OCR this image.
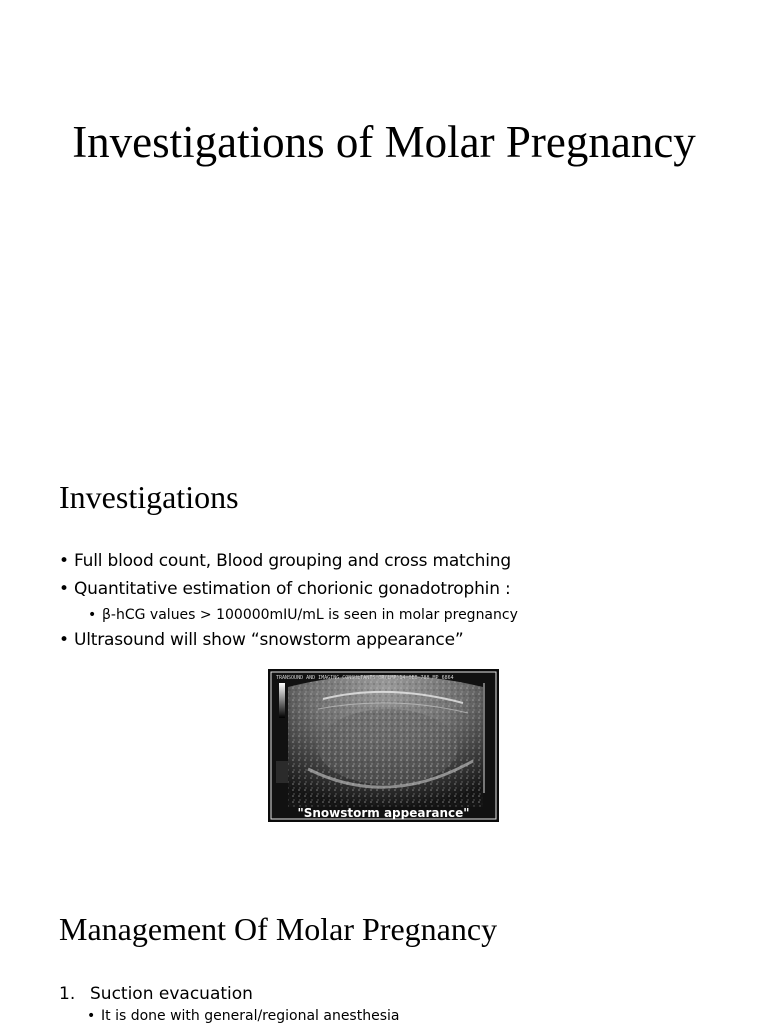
Investigations of Molar Pregnancy
Investigations
• Full blood count, Blood grouping and cross matching
• Quantitative estimation of chorionic gonadotrophin :
• β-hCG values > 100000mIU/mL is seen in molar pregnancy
• Ultrasound will show “snowstorm appearance”
TRANSOUND AND IMAGING CONSULTANTS OR(LMP)14-0EB-788 MP 6864
"Snowstorm appearance"
Management Of Molar Pregnancy
1. Suction evacuation
• It is done with general/regional anesthesia
